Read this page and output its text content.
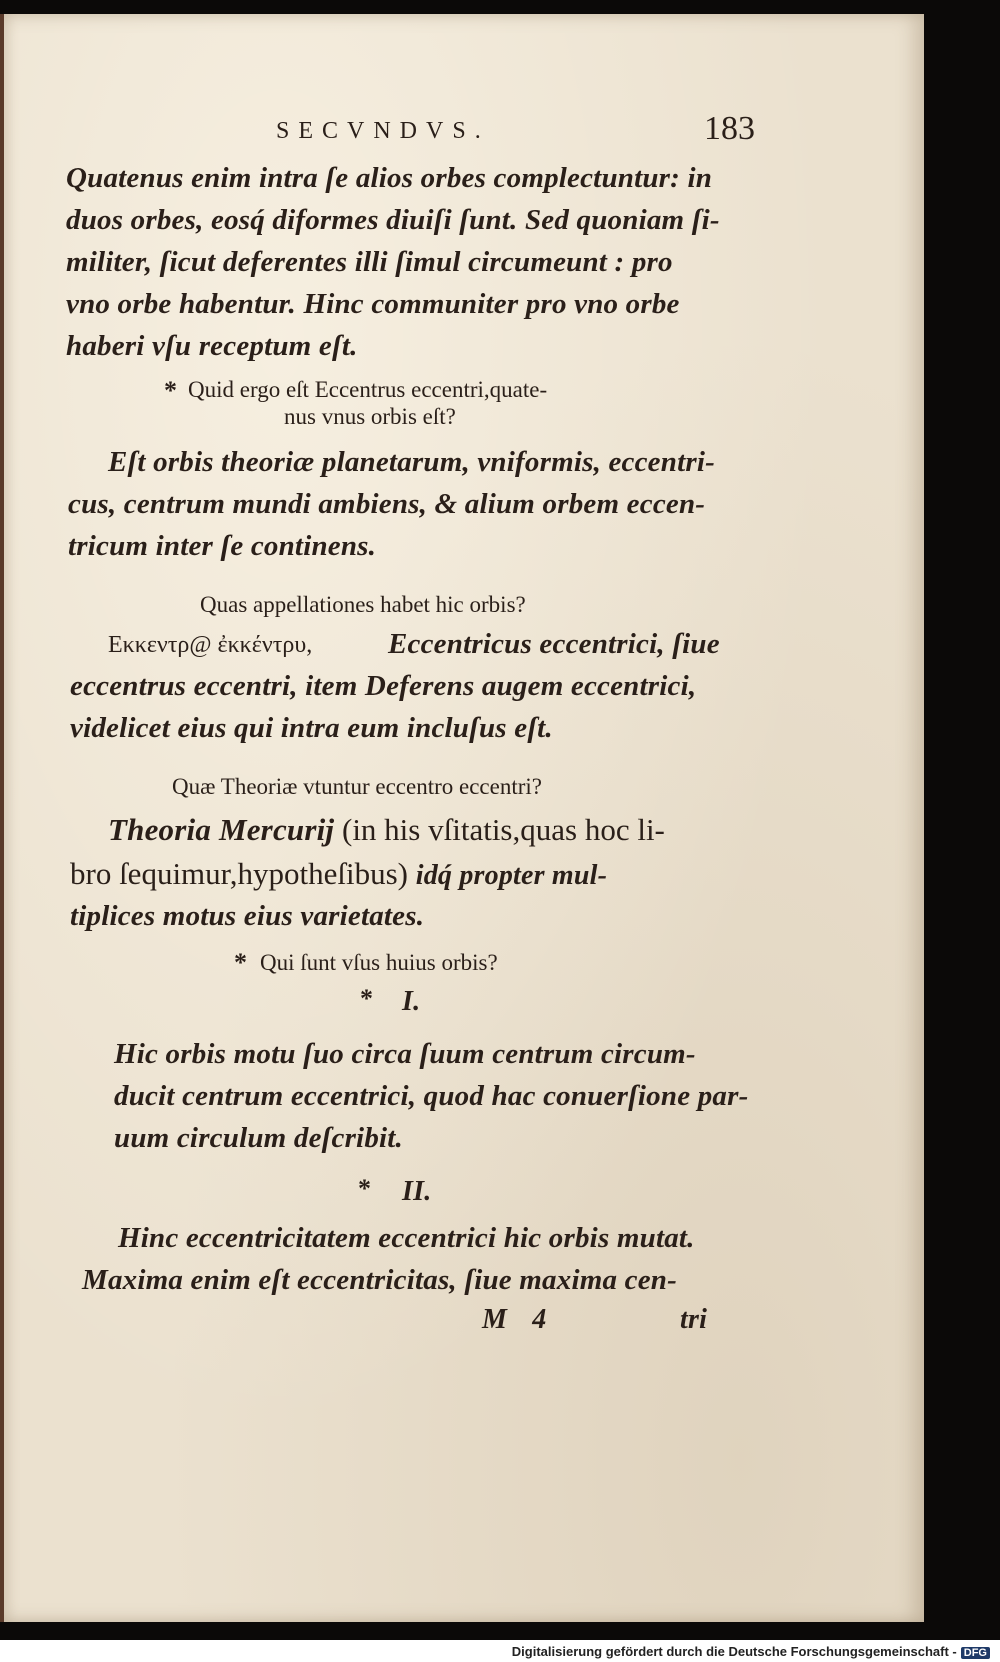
SECVNDVS.	183
Quatenus enim intra ſe alios orbes complectuntur: in
duos orbes, eosq́ diformes diuiſi ſunt. Sed quoniam ſi-
militer, ſicut deferentes illi ſimul circumeunt : pro
vno orbe habentur. Hinc communiter pro vno orbe
haberi vſu receptum eſt.
* Quid ergo eſt Eccentrus eccentri,quate-
nus vnus orbis eſt?
Eſt orbis theoriæ planetarum, vniformis, eccentri-
cus, centrum mundi ambiens, & alium orbem eccen-
tricum inter ſe continens.
Quas appellationes habet hic orbis?
Εκκεντρ@ ἐκκέντρυ,	Eccentricus eccentrici, ſiue
eccentrus eccentri, item Deferens augem eccentrici,
videlicet eius qui intra eum incluſus eſt.
Quæ Theoriæ vtuntur eccentro eccentri?
Theoria Mercurij (in his vſitatis,quas hoc li-
bro ſequimur,hypotheſibus) idq́ propter mul-
tiplices motus eius varietates.
* Qui ſunt vſus huius orbis?
* I.
Hic orbis motu ſuo circa ſuum centrum circum-
ducit centrum eccentrici, quod hac conuerſione par-
uum circulum deſcribit.
* II.
Hinc eccentricitatem eccentrici hic orbis mutat.
Maxima enim eſt eccentricitas, ſiue maxima cen-
M 4	tri
Digitalisierung gefördert durch die Deutsche Forschungsgemeinschaft - DFG
